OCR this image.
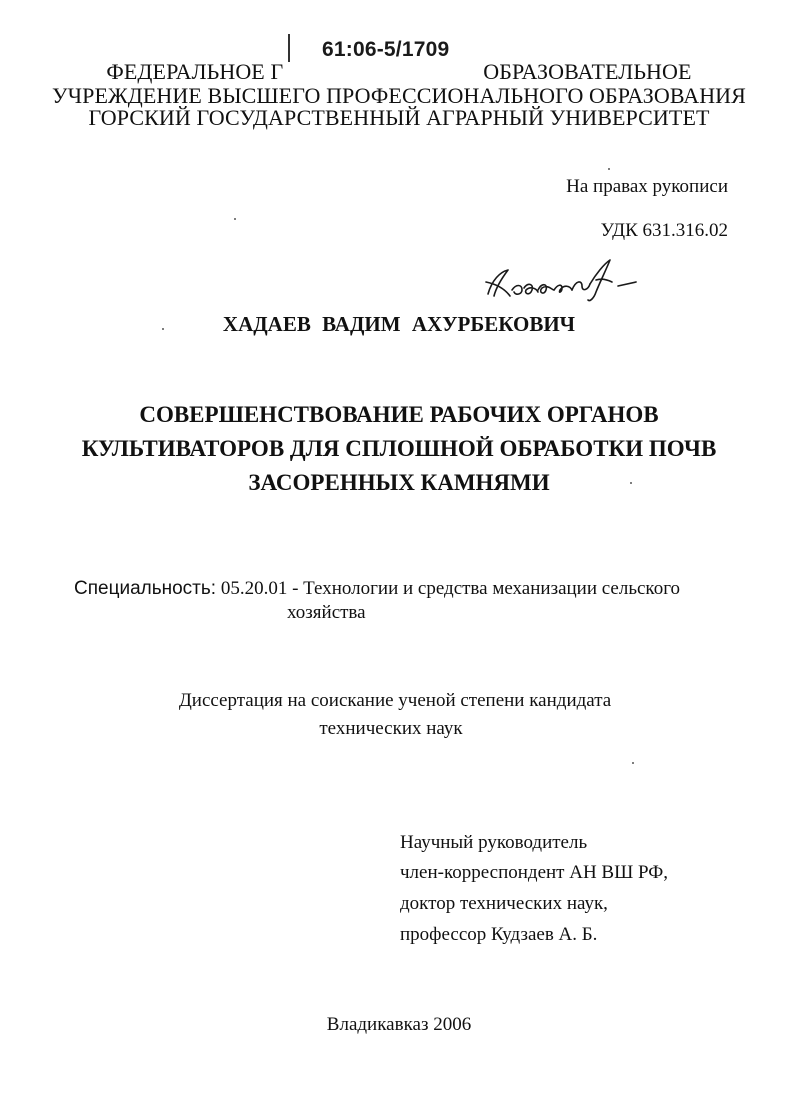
61:06-5/1709
ФЕДЕРАЛЬНОЕ Г	ОБРАЗОВАТЕЛЬНОЕ
УЧРЕЖДЕНИЕ ВЫСШЕГО ПРОФЕССИОНАЛЬНОГО ОБРАЗОВАНИЯ
ГОРСКИЙ ГОСУДАРСТВЕННЫЙ АГРАРНЫЙ УНИВЕРСИТЕТ
На правах рукописи
УДК 631.316.02
ХАДАЕВ ВАДИМ АХУРБЕКОВИЧ
СОВЕРШЕНСТВОВАНИЕ РАБОЧИХ ОРГАНОВ
КУЛЬТИВАТОРОВ ДЛЯ СПЛОШНОЙ ОБРАБОТКИ ПОЧВ
ЗАСОРЕННЫХ КАМНЯМИ
Специальность: 05.20.01 - Технологии и средства механизации сельского
хозяйства
Диссертация на соискание ученой степени кандидата
технических наук
Научный руководитель
член-корреспондент АН ВШ РФ,
доктор технических наук,
профессор Кудзаев А. Б.
Владикавказ 2006
